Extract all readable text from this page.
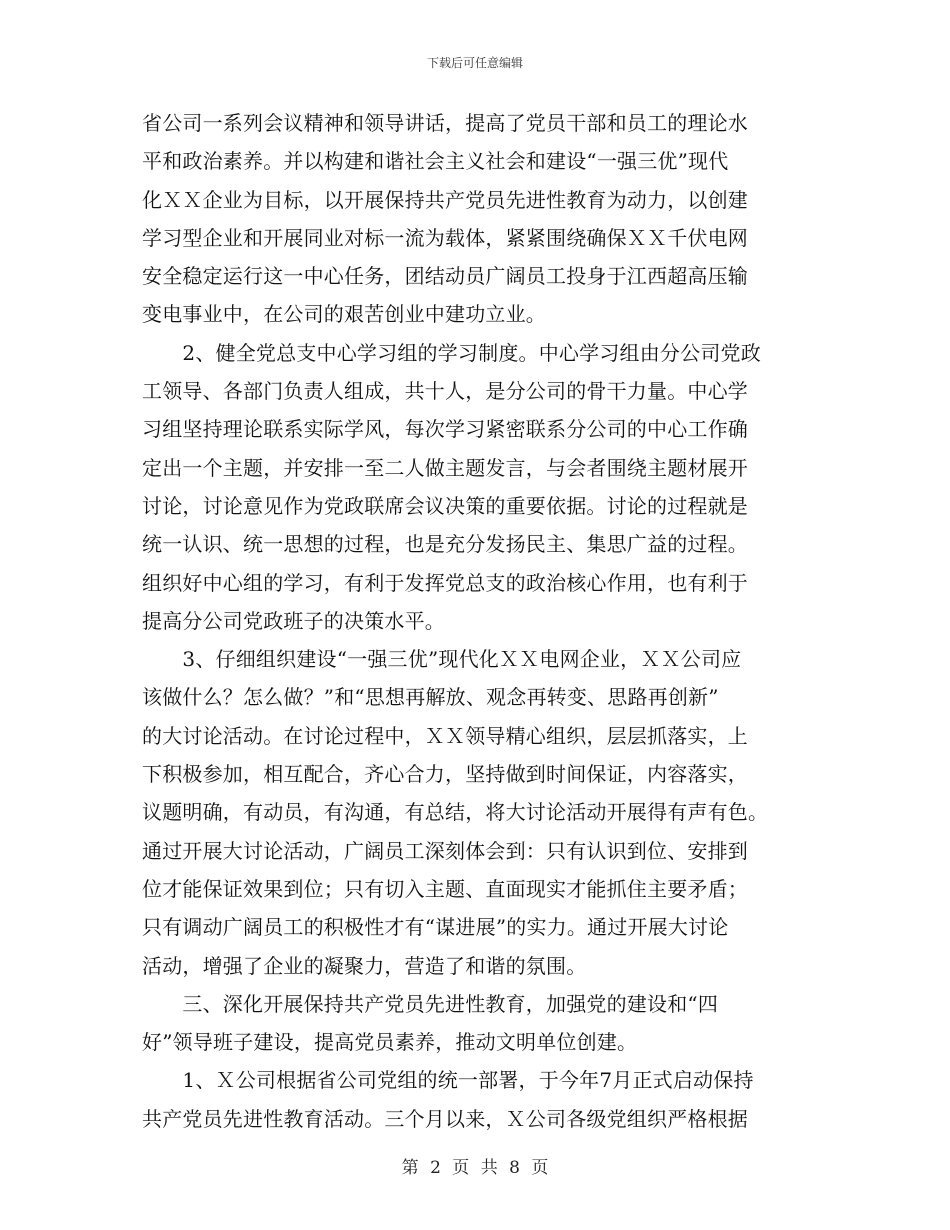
下载后可任意编辑
省公司一系列会议精神和领导讲话，提高了党员干部和员工的理论水
平和政治素养。并以构建和谐社会主义社会和建设“一强三优”现代
化ＸＸ企业为目标，以开展保持共产党员先进性教育为动力，以创建
学习型企业和开展同业对标一流为载体，紧紧围绕确保ＸＸ千伏电网
安全稳定运行这一中心任务，团结动员广阔员工投身于江西超高压输
变电事业中，在公司的艰苦创业中建功立业。
　　2、健全党总支中心学习组的学习制度。中心学习组由分公司党政
工领导、各部门负责人组成，共十人，是分公司的骨干力量。中心学
习组坚持理论联系实际学风，每次学习紧密联系分公司的中心工作确
定出一个主题，并安排一至二人做主题发言，与会者围绕主题材展开
讨论，讨论意见作为党政联席会议决策的重要依据。讨论的过程就是
统一认识、统一思想的过程，也是充分发扬民主、集思广益的过程。
组织好中心组的学习，有利于发挥党总支的政治核心作用，也有利于
提高分公司党政班子的决策水平。
　　3、仔细组织建设“一强三优”现代化ＸＸ电网企业，ＸＸ公司应
该做什么？怎么做？”和“思想再解放、观念再转变、思路再创新”
的大讨论活动。在讨论过程中，ＸＸ领导精心组织，层层抓落实，上
下积极参加，相互配合，齐心合力，坚持做到时间保证，内容落实，
议题明确，有动员，有沟通，有总结，将大讨论活动开展得有声有色。
通过开展大讨论活动，广阔员工深刻体会到：只有认识到位、安排到
位才能保证效果到位；只有切入主题、直面现实才能抓住主要矛盾；
只有调动广阔员工的积极性才有“谋进展”的实力。通过开展大讨论
活动，增强了企业的凝聚力，营造了和谐的氛围。
　　三、深化开展保持共产党员先进性教育，加强党的建设和“四
好”领导班子建设，提高党员素养，推动文明单位创建。
　　1、Ｘ公司根据省公司党组的统一部署，于今年7月正式启动保持
共产党员先进性教育活动。三个月以来，Ｘ公司各级党组织严格根据
第 2 页 共 8 页
